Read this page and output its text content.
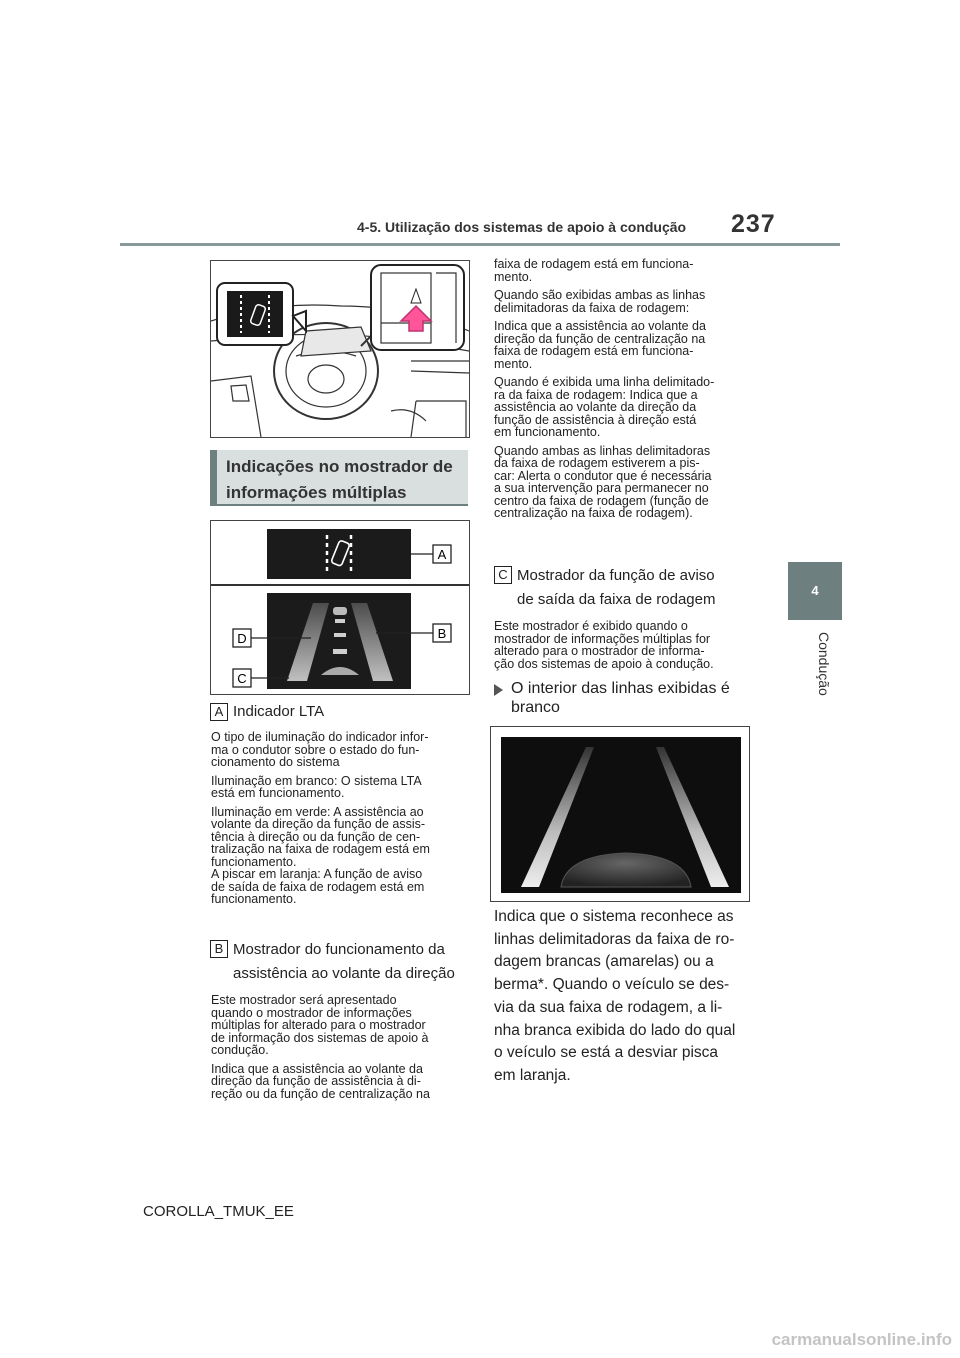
4-5. Utilização dos sistemas de apoio à condução 237
4
Condução
Indicações no mostrador de informações múltiplas
A
B
D
C
A Indicador LTA

O tipo de iluminação do indicador infor-
ma o condutor sobre o estado do fun-
cionamento do sistema

Iluminação em branco: O sistema LTA
está em funcionamento.

Iluminação em verde: A assistência ao
volante da direção da função de assis-
tência à direção ou da função de cen-
tralização na faixa de rodagem está em
funcionamento.
A piscar em laranja: A função de aviso
de saída de faixa de rodagem está em
funcionamento.

B Mostrador do funcionamento da
assistência ao volante da direção

Este mostrador será apresentado
quando o mostrador de informações
múltiplas for alterado para o mostrador
de informação dos sistemas de apoio à
condução.

Indica que a assistência ao volante da
direção da função de assistência à di-
reção ou da função de centralização na

faixa de rodagem está em funciona-
mento.

Quando são exibidas ambas as linhas
delimitadoras da faixa de rodagem:

Indica que a assistência ao volante da
direção da função de centralização na
faixa de rodagem está em funciona-
mento.

Quando é exibida uma linha delimitado-
ra da faixa de rodagem: Indica que a
assistência ao volante da direção da
função de assistência à direção está
em funcionamento.

Quando ambas as linhas delimitadoras
da faixa de rodagem estiverem a pis-
car: Alerta o condutor que é necessária
a sua intervenção para permanecer no
centro da faixa de rodagem (função de
centralização na faixa de rodagem).

C Mostrador da função de aviso
de saída da faixa de rodagem

Este mostrador é exibido quando o
mostrador de informações múltiplas for
alterado para o mostrador de informa-
ção dos sistemas de apoio à condução.

O interior das linhas exibidas é
branco
Indica que o sistema reconhece as
linhas delimitadoras da faixa de ro-
dagem brancas (amarelas) ou a
berma*. Quando o veículo se des-
via da sua faixa de rodagem, a li-
nha branca exibida do lado do qual
o veículo se está a desviar pisca
em laranja.
COROLLA_TMUK_EE
carmanualsonline.info
